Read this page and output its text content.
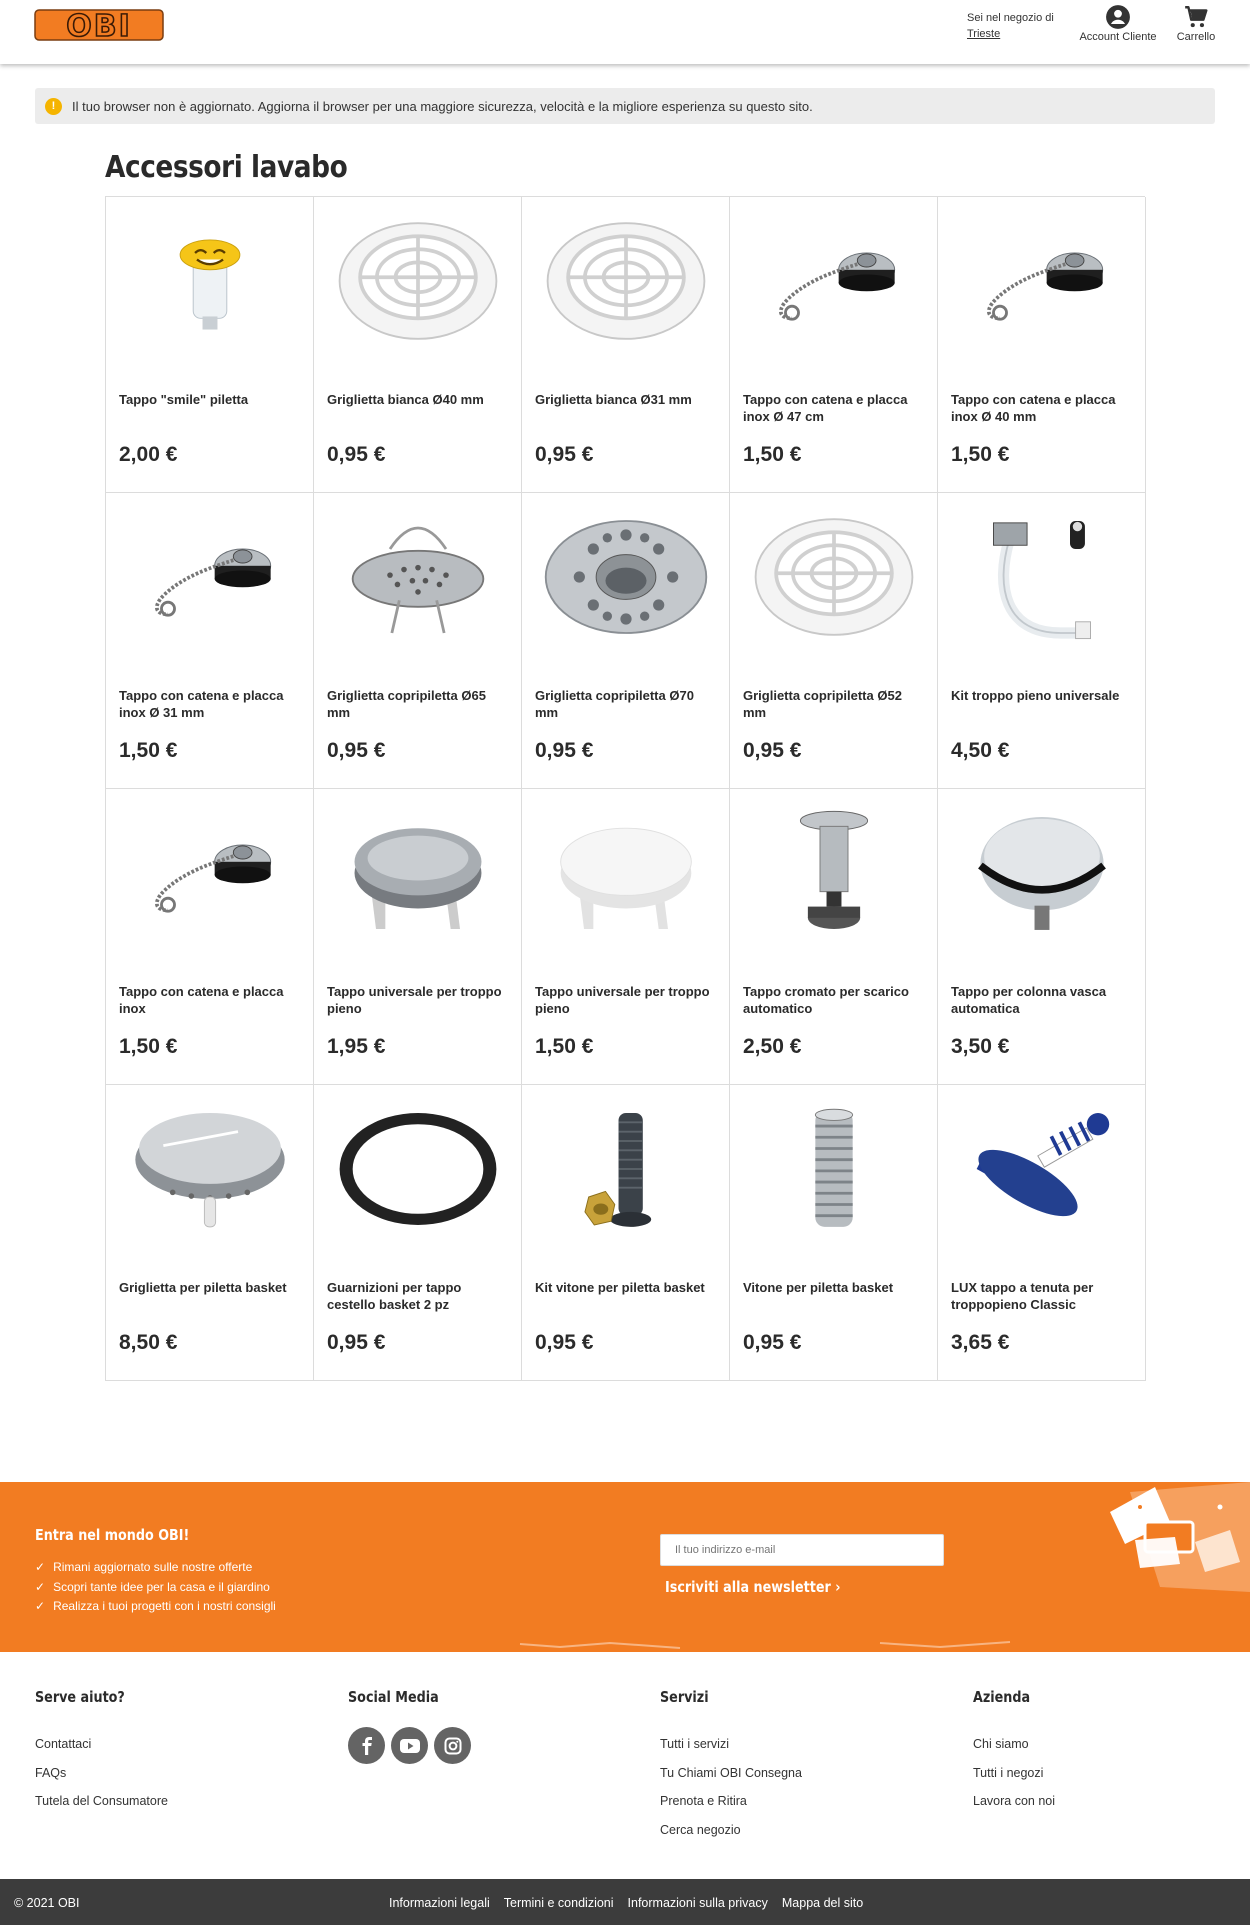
OBI	Sei nel negozio di
Trieste	Account Cliente	Carrello
!	Il tuo browser non è aggiornato. Aggiorna il browser per una maggiore sicurezza, velocità e la migliore esperienza su questo sito.
Accessori lavabo
Tappo "smile" piletta
2,00 €
Griglietta bianca Ø40 mm
0,95 €
Griglietta bianca Ø31 mm
0,95 €
Tappo con catena e placca inox Ø 47 cm
1,50 €
Tappo con catena e placca inox Ø 40 mm
1,50 €
Tappo con catena e placca inox Ø 31 mm
1,50 €
Griglietta copripiletta Ø65 mm
0,95 €
Griglietta copripiletta Ø70 mm
0,95 €
Griglietta copripiletta Ø52 mm
0,95 €
Kit troppo pieno universale
4,50 €
Tappo con catena e placca inox
1,50 €
Tappo universale per troppo pieno
1,95 €
Tappo universale per troppo pieno
1,50 €
Tappo cromato per scarico automatico
2,50 €
Tappo per colonna vasca automatica
3,50 €
Griglietta per piletta basket
8,50 €
Guarnizioni per tappo cestello basket 2 pz
0,95 €
Kit vitone per piletta basket
0,95 €
Vitone per piletta basket
0,95 €
LUX tappo a tenuta per troppopieno Classic
3,65 €
Entra nel mondo OBI!
✓ Rimani aggiornato sulle nostre offerte
✓ Scopri tante idee per la casa e il giardino
✓ Realizza i tuoi progetti con i nostri consigli
Il tuo indirizzo e-mail
Iscriviti alla newsletter ›
Serve aiuto?
Contattaci
FAQs
Tutela del Consumatore
Social Media	Servizi
Tutti i servizi
Tu Chiami OBI Consegna
Prenota e Ritira
Cerca negozio
Azienda
Chi siamo
Tutti i negozi
Lavora con noi
© 2021 OBI	Informazioni legali Termini e condizioni Informazioni sulla privacy Mappa del sito
